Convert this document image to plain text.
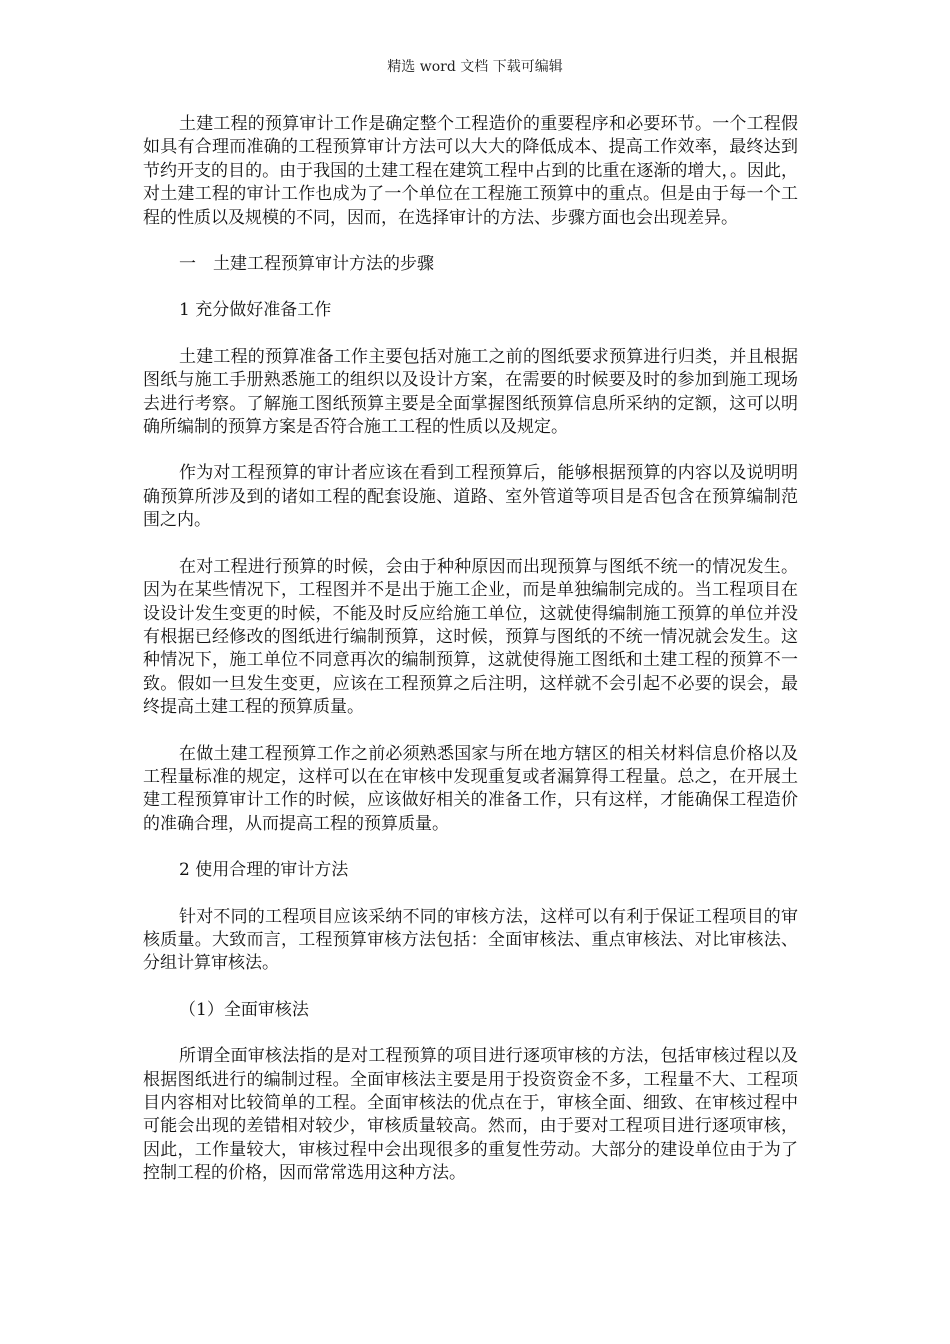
精选 word 文档 下载可编辑

土建工程的预算审计工作是确定整个工程造价的重要程序和必要环节。一个工程假如具有合理而准确的工程预算审计方法可以大大的降低成本、提高工作效率，最终达到节约开支的目的。由于我国的土建工程在建筑工程中占到的比重在逐渐的增大，。因此，对土建工程的审计工作也成为了一个单位在工程施工预算中的重点。但是由于每一个工程的性质以及规模的不同，因而，在选择审计的方法、步骤方面也会出现差异。

一　土建工程预算审计方法的步骤

1 充分做好准备工作

土建工程的预算准备工作主要包括对施工之前的图纸要求预算进行归类，并且根据图纸与施工手册熟悉施工的组织以及设计方案，在需要的时候要及时的参加到施工现场去进行考察。了解施工图纸预算主要是全面掌握图纸预算信息所采纳的定额，这可以明确所编制的预算方案是否符合施工工程的性质以及规定。

作为对工程预算的审计者应该在看到工程预算后，能够根据预算的内容以及说明明确预算所涉及到的诸如工程的配套设施、道路、室外管道等项目是否包含在预算编制范围之内。

在对工程进行预算的时候，会由于种种原因而出现预算与图纸不统一的情况发生。因为在某些情况下，工程图并不是出于施工企业，而是单独编制完成的。当工程项目在设设计发生变更的时候，不能及时反应给施工单位，这就使得编制施工预算的单位并没有根据已经修改的图纸进行编制预算，这时候，预算与图纸的不统一情况就会发生。这种情况下，施工单位不同意再次的编制预算，这就使得施工图纸和土建工程的预算不一致。假如一旦发生变更，应该在工程预算之后注明，这样就不会引起不必要的误会，最终提高土建工程的预算质量。

在做土建工程预算工作之前必须熟悉国家与所在地方辖区的相关材料信息价格以及工程量标准的规定，这样可以在在审核中发现重复或者漏算得工程量。总之，在开展土建工程预算审计工作的时候，应该做好相关的准备工作，只有这样，才能确保工程造价的准确合理，从而提高工程的预算质量。

2 使用合理的审计方法

针对不同的工程项目应该采纳不同的审核方法，这样可以有利于保证工程项目的审核质量。大致而言，工程预算审核方法包括：全面审核法、重点审核法、对比审核法、分组计算审核法。

（1）全面审核法

所谓全面审核法指的是对工程预算的项目进行逐项审核的方法，包括审核过程以及根据图纸进行的编制过程。全面审核法主要是用于投资资金不多，工程量不大、工程项目内容相对比较简单的工程。全面审核法的优点在于，审核全面、细致、在审核过程中可能会出现的差错相对较少，审核质量较高。然而，由于要对工程项目进行逐项审核，因此，工作量较大，审核过程中会出现很多的重复性劳动。大部分的建设单位由于为了控制工程的价格，因而常常选用这种方法。
